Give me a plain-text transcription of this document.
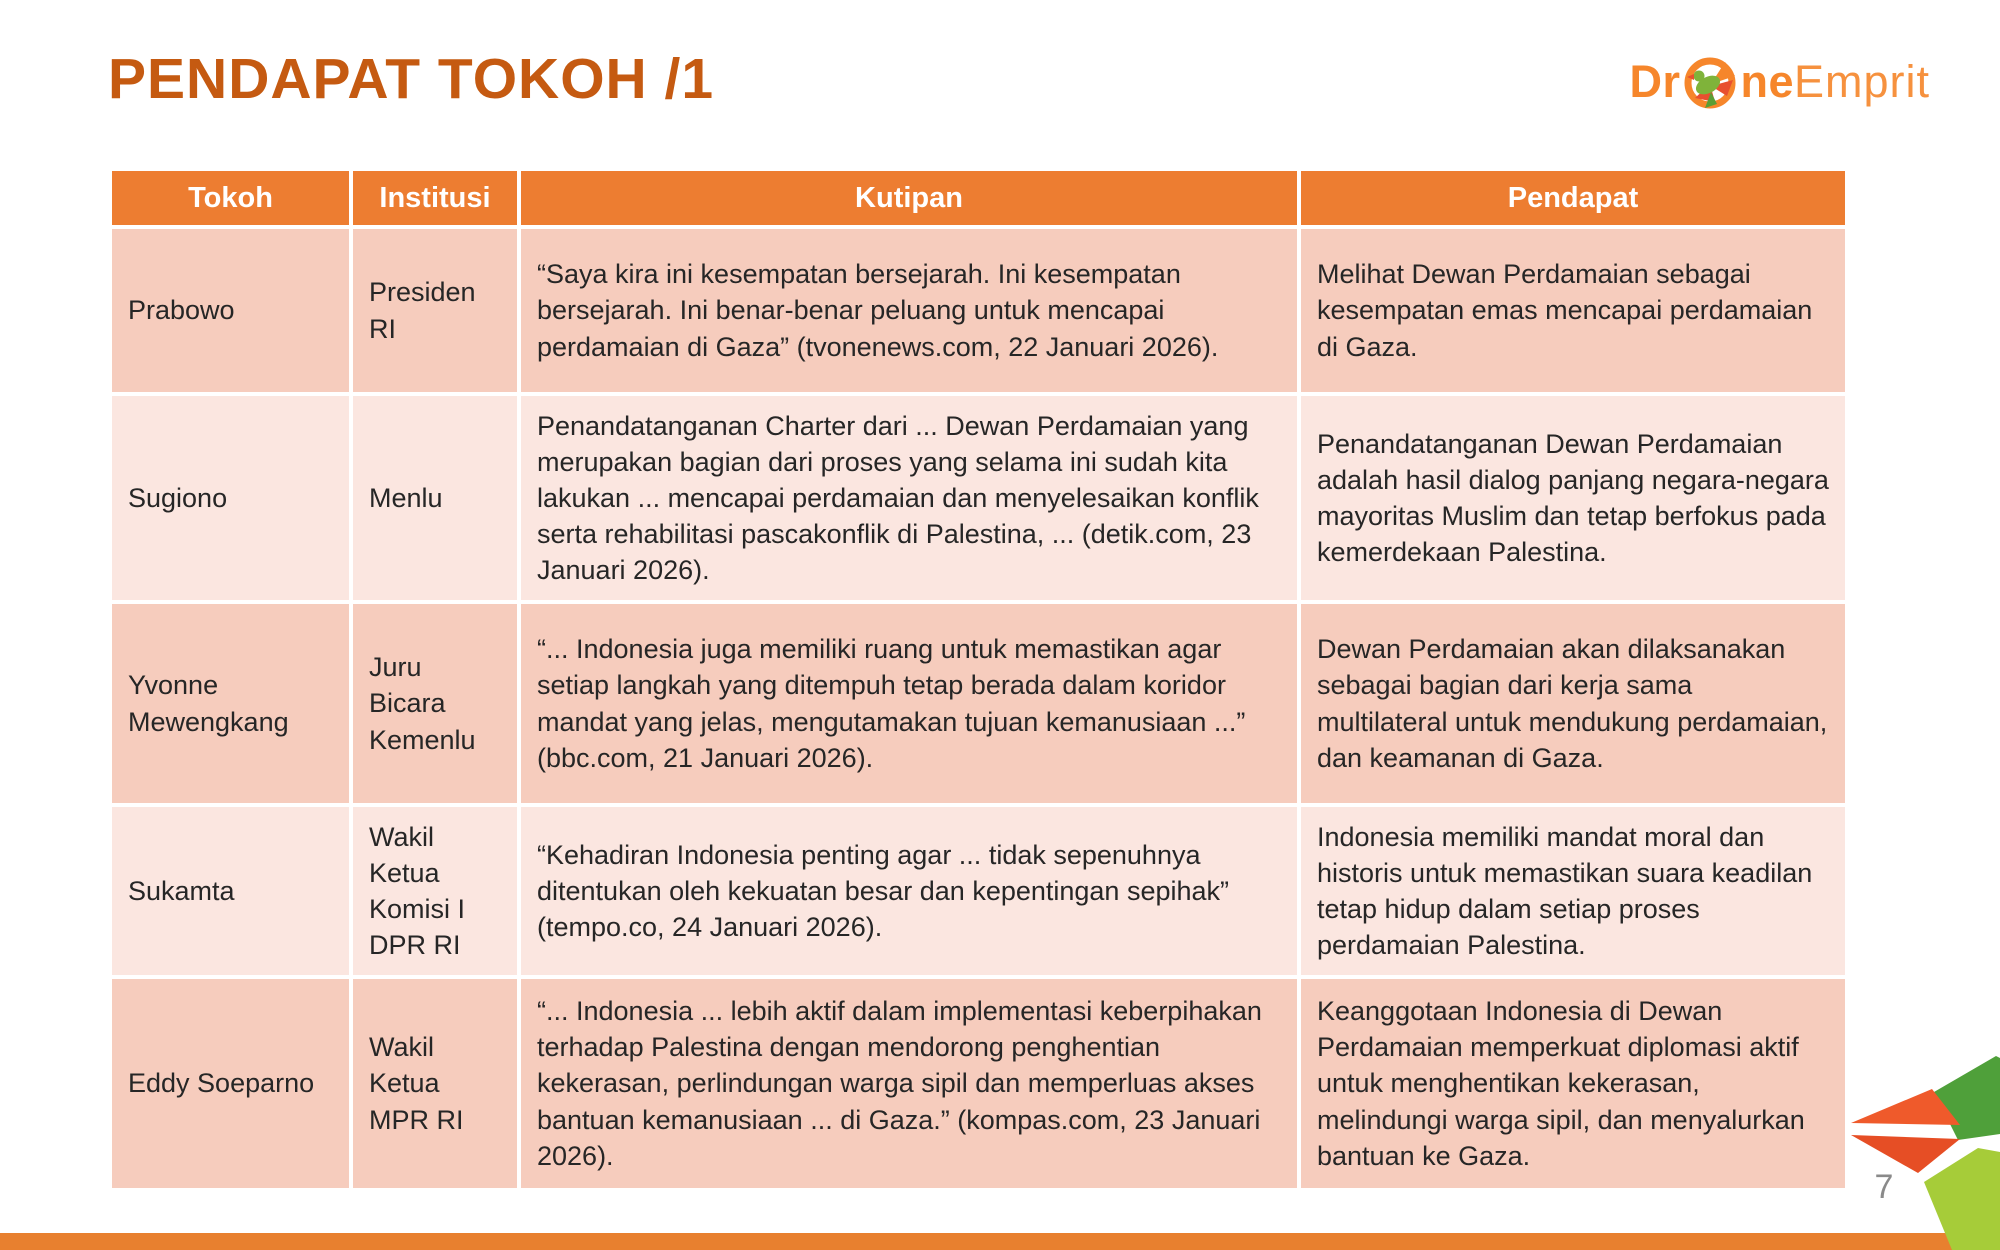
PENDAPAT TOKOH /1	Dr ne Emprit
Tokoh	Institusi	Kutipan	Pendapat
Prabowo	Presiden RI	“Saya kira ini kesempatan bersejarah. Ini kesempatan bersejarah. Ini benar-benar peluang untuk mencapai perdamaian di Gaza” (tvonenews.com, 22 Januari 2026).	Melihat Dewan Perdamaian sebagai kesempatan emas mencapai perdamaian di Gaza.
Sugiono	Menlu	Penandatanganan Charter dari ... Dewan Perdamaian yang merupakan bagian dari proses yang selama ini sudah kita lakukan ... mencapai perdamaian dan menyelesaikan konflik serta rehabilitasi pascakonflik di Palestina, ... (detik.com, 23 Januari 2026).	Penandatanganan Dewan Perdamaian adalah hasil dialog panjang negara-negara mayoritas Muslim dan tetap berfokus pada kemerdekaan Palestina.
Yvonne Mewengkang	Juru Bicara Kemenlu	“... Indonesia juga memiliki ruang untuk memastikan agar setiap langkah yang ditempuh tetap berada dalam koridor mandat yang jelas, mengutamakan tujuan kemanusiaan ...” (bbc.com, 21 Januari 2026).	Dewan Perdamaian akan dilaksanakan sebagai bagian dari kerja sama multilateral untuk mendukung perdamaian, dan keamanan di Gaza.
Sukamta	Wakil Ketua Komisi I DPR RI	“Kehadiran Indonesia penting agar ... tidak sepenuhnya ditentukan oleh kekuatan besar dan kepentingan sepihak” (tempo.co, 24 Januari 2026).	Indonesia memiliki mandat moral dan historis untuk memastikan suara keadilan tetap hidup dalam setiap proses perdamaian Palestina.
Eddy Soeparno	Wakil Ketua MPR RI	“... Indonesia ... lebih aktif dalam implementasi keberpihakan terhadap Palestina dengan mendorong penghentian kekerasan, perlindungan warga sipil dan memperluas akses bantuan kemanusiaan ... di Gaza.” (kompas.com, 23 Januari 2026).	Keanggotaan Indonesia di Dewan Perdamaian memperkuat diplomasi aktif untuk menghentikan kekerasan, melindungi warga sipil, dan menyalurkan bantuan ke Gaza.
7
